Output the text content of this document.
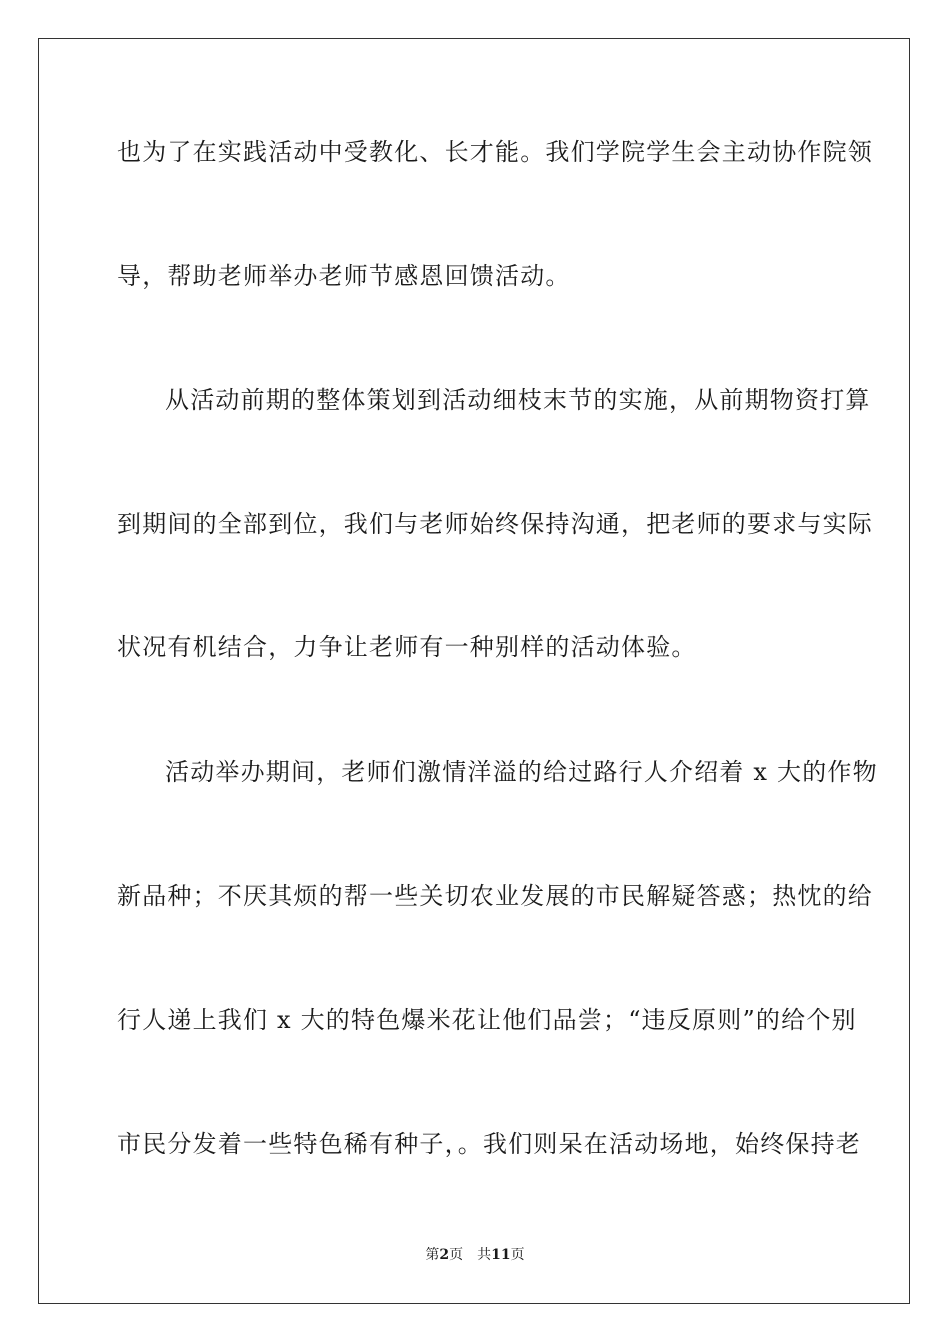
也为了在实践活动中受教化、长才能。我们学院学生会主动协作院领
导，帮助老师举办老师节感恩回馈活动。
从活动前期的整体策划到活动细枝末节的实施，从前期物资打算
到期间的全部到位，我们与老师始终保持沟通，把老师的要求与实际
状况有机结合，力争让老师有一种别样的活动体验。
活动举办期间，老师们激情洋溢的给过路行人介绍着 x 大的作物
新品种；不厌其烦的帮一些关切农业发展的市民解疑答惑；热忱的给
行人递上我们 x 大的特色爆米花让他们品尝；“违反原则”的给个别
市民分发着一些特色稀有种子，。我们则呆在活动场地，始终保持老
第2页 共11页
